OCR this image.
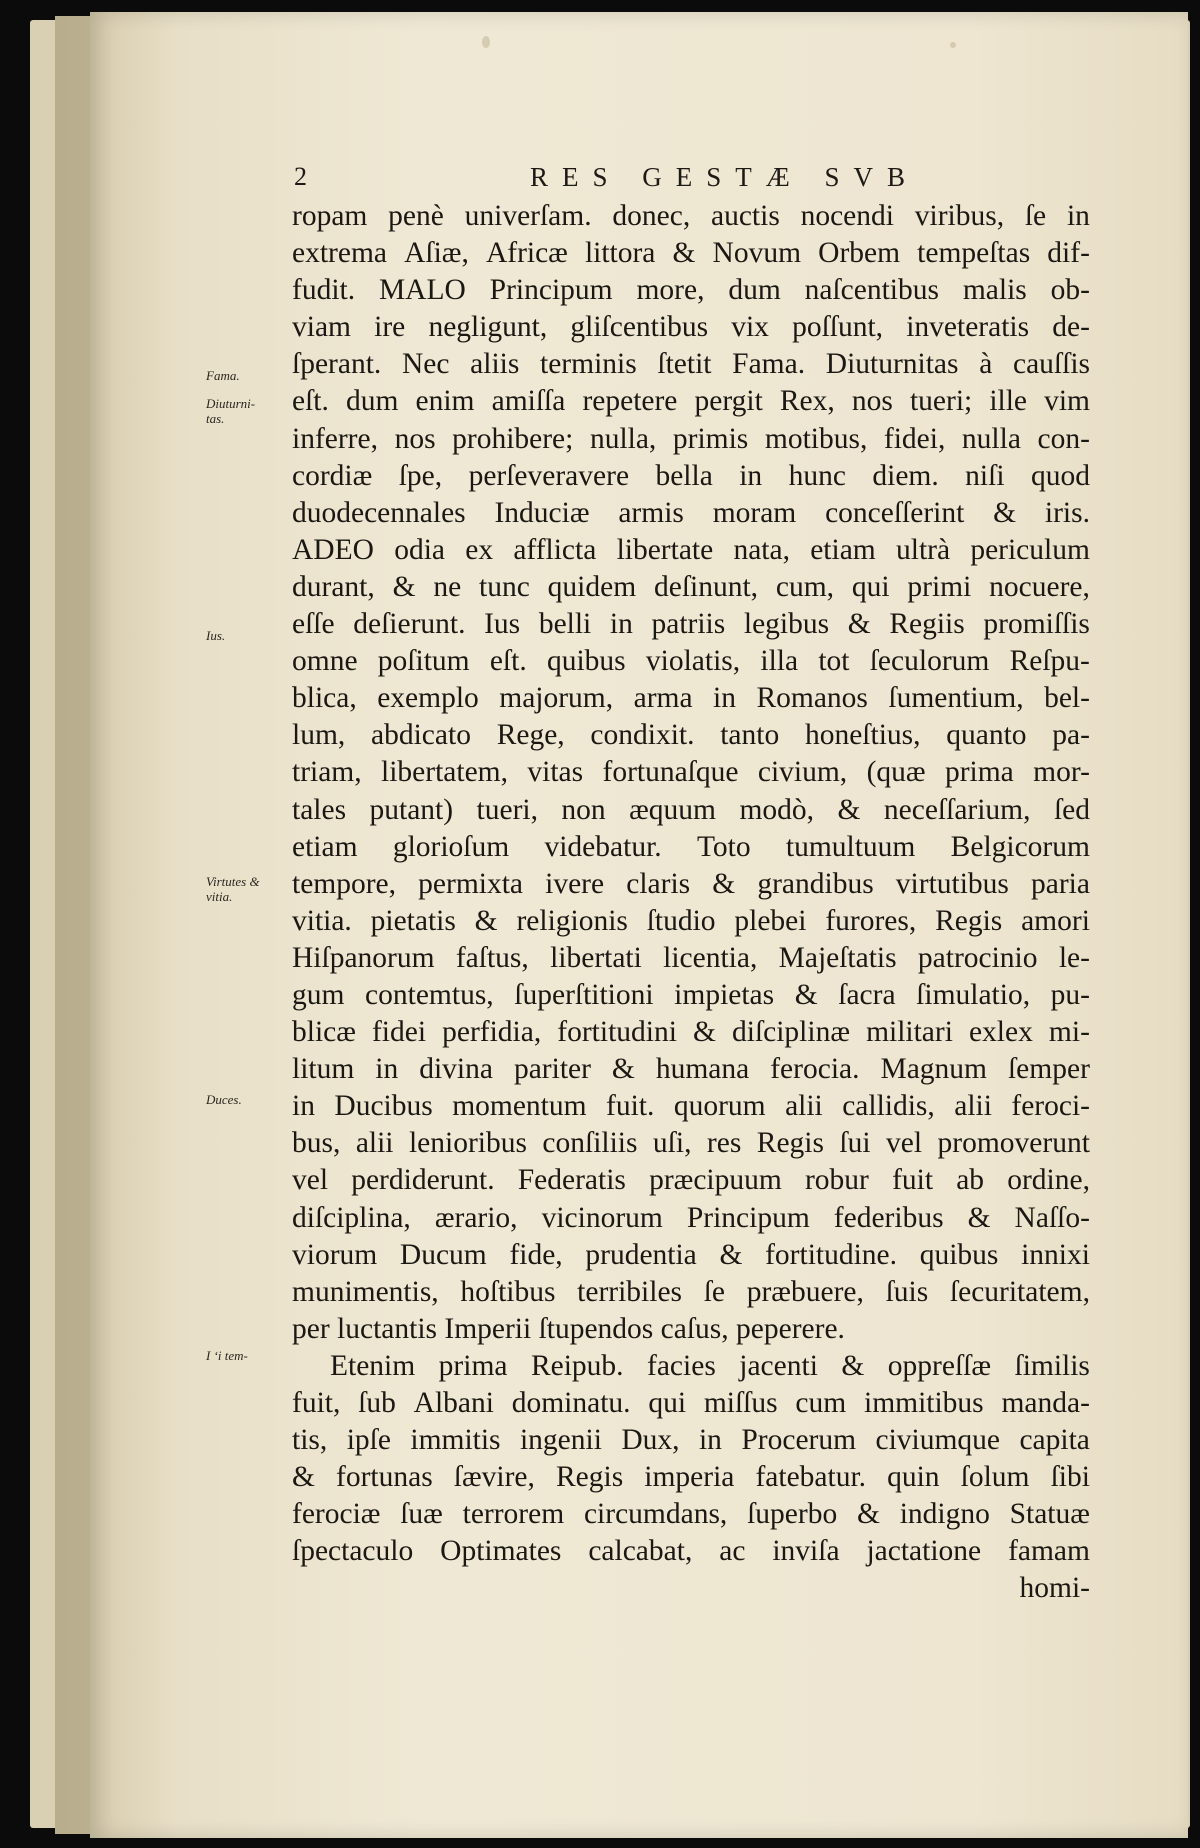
2	RES GESTÆ SVB
Fama.
Diuturni-tas.
Ius.
Virtutes & vitia.
Duces.
I ‘i tem-
ropam penè univerſam. donec, auctis nocendi viribus, ſe in
extrema Aſiæ, Africæ littora & Novum Orbem tempeſtas dif-
fudit. MALO Principum more, dum naſcentibus malis ob-
viam ire negligunt, gliſcentibus vix poſſunt, inveteratis de-
ſperant. Nec aliis terminis ſtetit Fama. Diuturnitas à cauſſis
eſt. dum enim amiſſa repetere pergit Rex, nos tueri; ille vim
inferre, nos prohibere; nulla, primis motibus, fidei, nulla con-
cordiæ ſpe, perſeveravere bella in hunc diem. niſi quod
duodecennales Induciæ armis moram conceſſerint & iris.
ADEO odia ex afflicta libertate nata, etiam ultrà periculum
durant, & ne tunc quidem deſinunt, cum, qui primi nocuere,
eſſe deſierunt. Ius belli in patriis legibus & Regiis promiſſis
omne poſitum eſt. quibus violatis, illa tot ſeculorum Reſpu-
blica, exemplo majorum, arma in Romanos ſumentium, bel-
lum, abdicato Rege, condixit. tanto honeſtius, quanto pa-
triam, libertatem, vitas fortunaſque civium, (quæ prima mor-
tales putant) tueri, non æquum modò, & neceſſarium, ſed
etiam glorioſum videbatur. Toto tumultuum Belgicorum
tempore, permixta ivere claris & grandibus virtutibus paria
vitia. pietatis & religionis ſtudio plebei furores, Regis amori
Hiſpanorum faſtus, libertati licentia, Majeſtatis patrocinio le-
gum contemtus, ſuperſtitioni impietas & ſacra ſimulatio, pu-
blicæ fidei perfidia, fortitudini & diſciplinæ militari exlex mi-
litum in divina pariter & humana ferocia. Magnum ſemper
in Ducibus momentum fuit. quorum alii callidis, alii feroci-
bus, alii lenioribus conſiliis uſi, res Regis ſui vel promoverunt
vel perdiderunt. Federatis præcipuum robur fuit ab ordine,
diſciplina, ærario, vicinorum Principum federibus & Naſſo-
viorum Ducum fide, prudentia & fortitudine. quibus innixi
munimentis, hoſtibus terribiles ſe præbuere, ſuis ſecuritatem,
per luctantis Imperii ſtupendos caſus, peperere.
Etenim prima Reipub. facies jacenti & oppreſſæ ſimilis
fuit, ſub Albani dominatu. qui miſſus cum immitibus manda-
tis, ipſe immitis ingenii Dux, in Procerum civiumque capita
& fortunas ſævire, Regis imperia fatebatur. quin ſolum ſibi
ferociæ ſuæ terrorem circumdans, ſuperbo & indigno Statuæ
ſpectaculo Optimates calcabat, ac inviſa jactatione famam
homi-
